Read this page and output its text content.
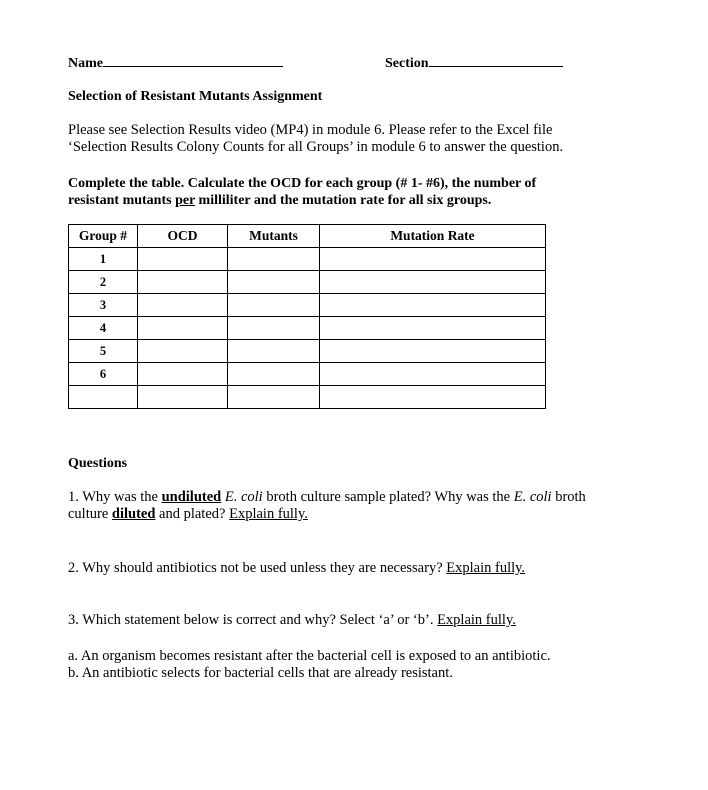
Name	Section
Selection of Resistant Mutants Assignment
Please see Selection Results video (MP4) in module 6. Please refer to the Excel file
‘Selection Results Colony Counts for all Groups’ in module 6 to answer the question.
Complete the table. Calculate the OCD for each group (# 1- #6), the number of
resistant mutants per milliliter and the mutation rate for all six groups.
Group #	OCD	Mutants	Mutation Rate
1			
2			
3			
4			
5			
6			

Questions
1. Why was the undiluted E. coli broth culture sample plated? Why was the E. coli broth
culture diluted and plated? Explain fully.
2. Why should antibiotics not be used unless they are necessary? Explain fully.
3. Which statement below is correct and why? Select ‘a’ or ‘b’. Explain fully.
a. An organism becomes resistant after the bacterial cell is exposed to an antibiotic.
b. An antibiotic selects for bacterial cells that are already resistant.
